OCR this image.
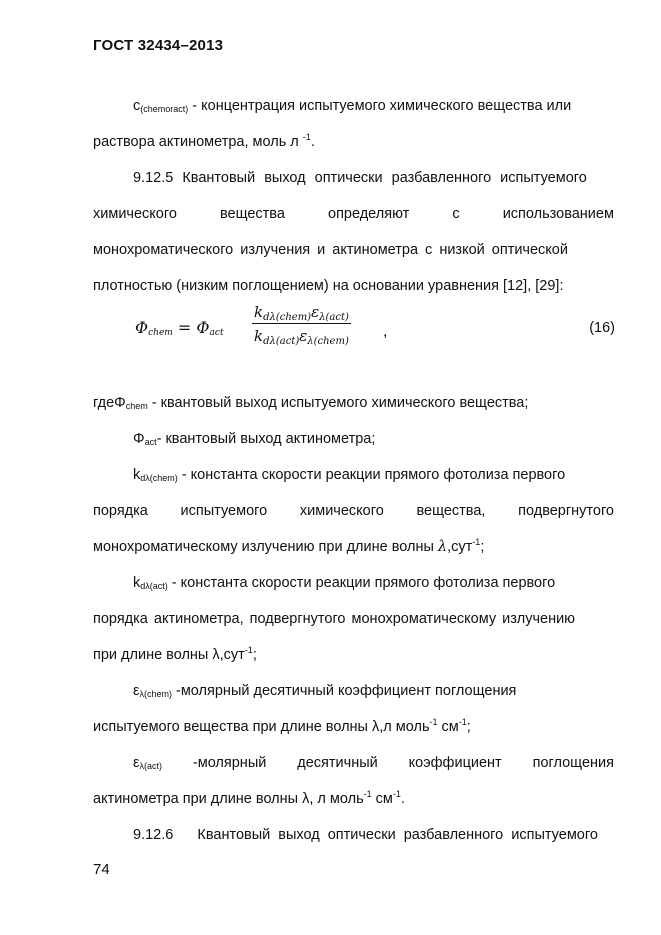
ГОСТ 32434–2013
$c_{(chemoract)}$ - концентрация испытуемого химического вещества или
раствора актинометра, моль л $^{-1}$.
9.12.5 Квантовый выход оптически разбавленного испытуемого
химического	вещества	определяют	с	использованием
монохроматического излучения и актинометра с низкой оптической
плотностью (низким поглощением) на основании уравнения [12], [29]:
$\Phi_{chem} = \Phi_{act}$
$k_{d\lambda(chem)}\varepsilon_{\lambda(act)}$
$k_{d\lambda(act)}\varepsilon_{\lambda(chem)}$
,	(16)
гдеΦ$_{chem}$ - квантовый выход испытуемого химического вещества;
$\Phi_{act}-$ квантовый выход актинометра;
$k_{d\lambda(chem)}$ - константа скорости реакции прямого фотолиза первого
порядка испытуемого химического вещества, подвергнутого
монохроматическому излучению при длине волны λ,сут$^{-1}$;
$k_{d\lambda(act)}$ - константа скорости реакции прямого фотолиза первого
порядка актинометра, подвергнутого монохроматическому излучению
при длине волны λ,сут$^{-1}$;
$\varepsilon_{\lambda(chem)}$ -молярный десятичный коэффициент поглощения
испытуемого вещества при длине волны λ,л моль$^{-1}$ $см^{-1}$;
$\varepsilon_{\lambda(act)}$ -молярный десятичный коэффициент поглощения
актинометра при длине волны λ, л моль$^{-1}$ $см^{-1}$.
9.12.6 Квантовый выход оптически разбавленного испытуемого
74
